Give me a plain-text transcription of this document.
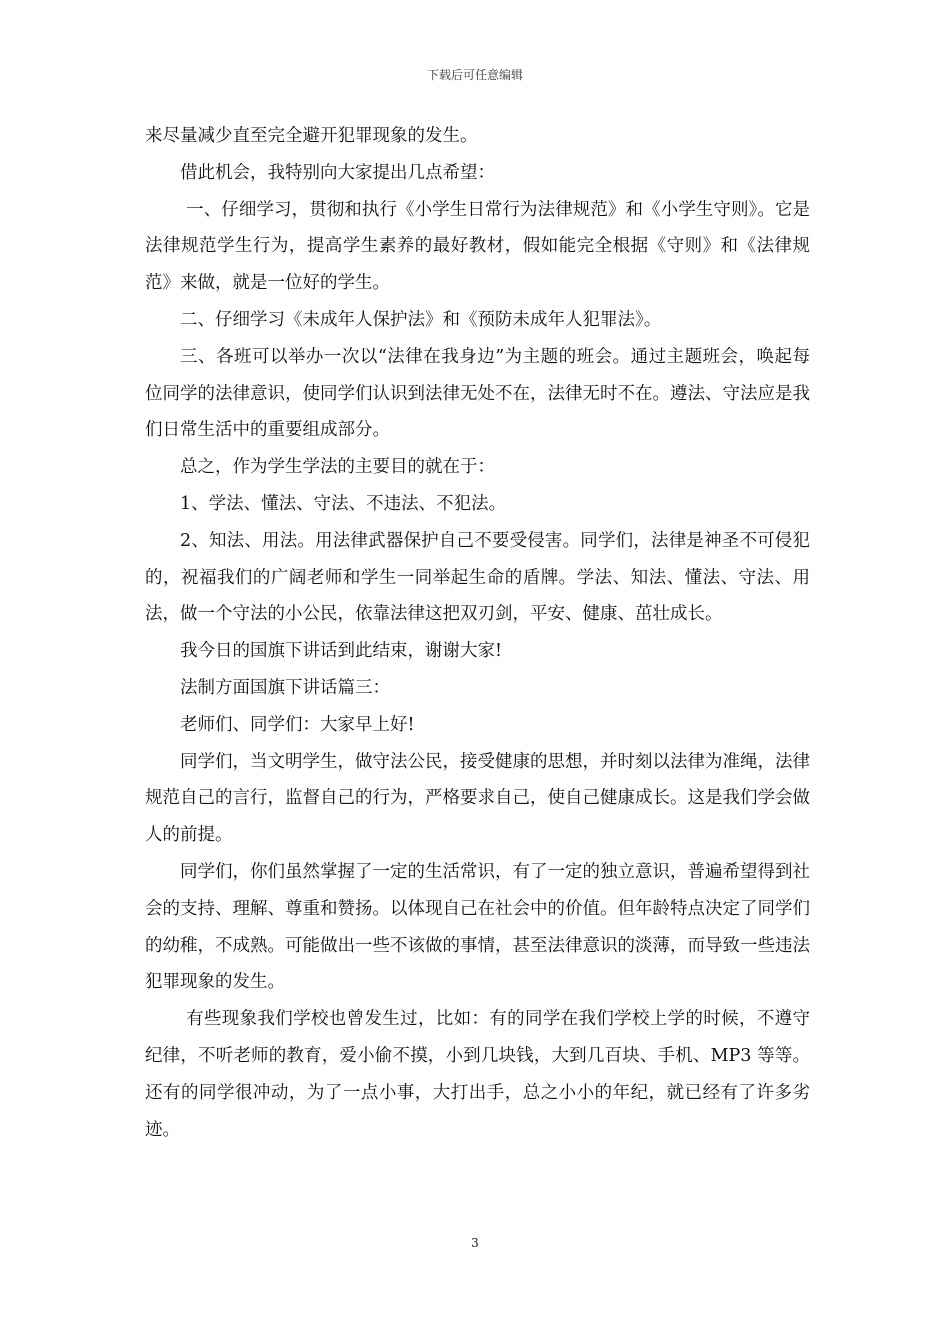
下载后可任意编辑

来尽量减少直至完全避开犯罪现象的发生。

借此机会，我特别向大家提出几点希望：

一、仔细学习，贯彻和执行《小学生日常行为法律规范》和《小学生守则》。它是法律规范学生行为，提高学生素养的最好教材，假如能完全根据《守则》和《法律规范》来做，就是一位好的学生。

二、仔细学习《未成年人保护法》和《预防未成年人犯罪法》。

三、各班可以举办一次以“法律在我身边”为主题的班会。通过主题班会，唤起每位同学的法律意识，使同学们认识到法律无处不在，法律无时不在。遵法、守法应是我们日常生活中的重要组成部分。

总之，作为学生学法的主要目的就在于：

1、学法、懂法、守法、不违法、不犯法。

2、知法、用法。用法律武器保护自己不要受侵害。同学们，法律是神圣不可侵犯的，祝福我们的广阔老师和学生一同举起生命的盾牌。学法、知法、懂法、守法、用法，做一个守法的小公民，依靠法律这把双刃剑，平安、健康、茁壮成长。

我今日的国旗下讲话到此结束，谢谢大家!

法制方面国旗下讲话篇三：

老师们、同学们：大家早上好!

同学们，当文明学生，做守法公民，接受健康的思想，并时刻以法律为准绳，法律规范自己的言行，监督自己的行为，严格要求自己，使自己健康成长。这是我们学会做人的前提。

同学们，你们虽然掌握了一定的生活常识，有了一定的独立意识，普遍希望得到社会的支持、理解、尊重和赞扬。以体现自己在社会中的价值。但年龄特点决定了同学们的幼稚，不成熟。可能做出一些不该做的事情，甚至法律意识的淡薄，而导致一些违法犯罪现象的发生。

有些现象我们学校也曾发生过，比如：有的同学在我们学校上学的时候，不遵守纪律，不听老师的教育，爱小偷不摸，小到几块钱，大到几百块、手机、MP3 等等。还有的同学很冲动，为了一点小事，大打出手，总之小小的年纪，就已经有了许多劣迹。

3
